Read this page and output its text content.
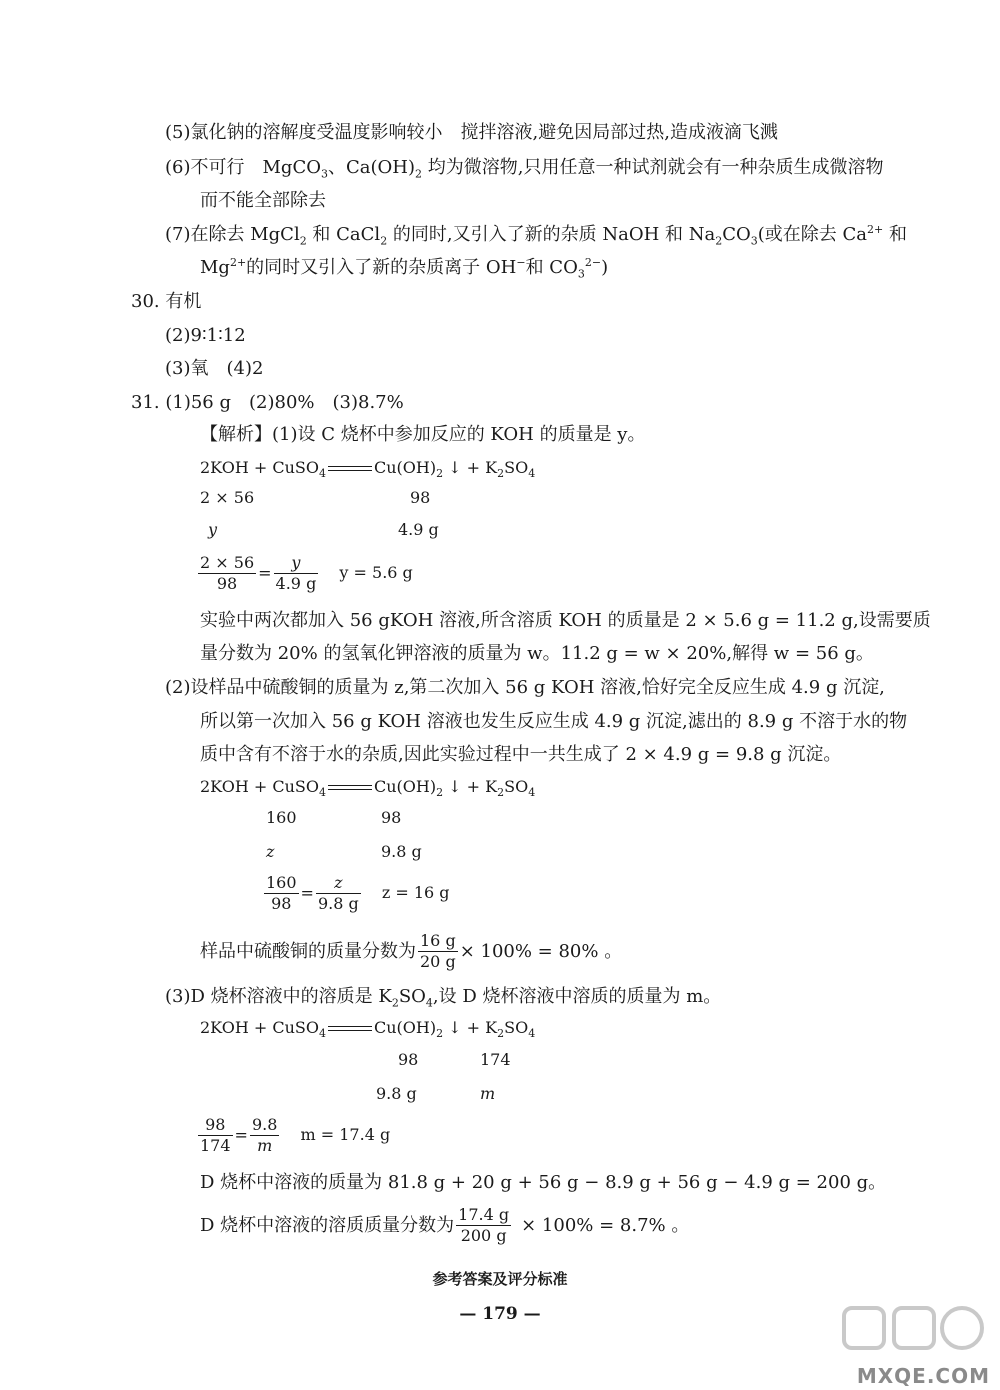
(5)氯化钠的溶解度受温度影响较小　搅拌溶液,避免因局部过热,造成液滴飞溅
(6)不可行　MgCO$_3$、$Ca(OH)_2$ 均为微溶物,只用任意一种试剂就会有一种杂质生成微溶物
而不能全部除去
(7)在除去 MgCl$_2$ 和 CaCl$_2$ 的同时,又引入了新的杂质 NaOH 和 $Na_2CO_3$(或在除去 $Ca^{2+}$ 和
$Mg^{2+}$的同时又引入了新的杂质离子 OH−和 $CO_3^{2-}$)
30. 有机
(2)9∶1∶12
(3)氧　(4)2
31. (1)56 g　(2)80%　(3)8.7%
【解析】(1)设 C 烧杯中参加反应的 KOH 的质量是 y。
2KOH + CuSO$_4$	$Cu(OH)_2$ ↓ + $K_2SO_4$
2 × 56	98
y	4.9 g
$\frac{2 \times 56}{98} = \frac{y}{4.9 g}$ y = 5.6 g
实验中两次都加入 56 gKOH 溶液,所含溶质 KOH 的质量是 2 × 5.6 g = 11.2 g,设需要质
量分数为 20% 的氢氧化钾溶液的质量为 w。11.2 g = w × 20%,解得 w = 56 g。
(2)设样品中硫酸铜的质量为 z,第二次加入 56 g KOH 溶液,恰好完全反应生成 4.9 g 沉淀,
所以第一次加入 56 g KOH 溶液也发生反应生成 4.9 g 沉淀,滤出的 8.9 g 不溶于水的物
质中含有不溶于水的杂质,因此实验过程中一共生成了 2 × 4.9 g = 9.8 g 沉淀。
2KOH + CuSO$_4$	$Cu(OH)_2$ ↓ + $K_2SO_4$
160	98
z	9.8 g
$\frac{160}{98} = \frac{z}{9.8 g}$ z = 16 g
样品中硫酸铜的质量分数为 $\frac{16 g}{20 g} \times 100\% = 80\%$ 。
(3)D 烧杯溶液中的溶质是 $K_2SO_4$,设 D 烧杯溶液中溶质的质量为 m。
2KOH + CuSO$_4$	$Cu(OH)_2$ ↓ + $K_2SO_4$
98	174
9.8 g	m
$\frac{98}{174} = \frac{9.8}{m}$ m = 17.4 g
D 烧杯中溶液的质量为 81.8 g + 20 g + 56 g − 8.9 g + 56 g − 4.9 g = 200 g。
D 烧杯中溶液的溶质质量分数为 $\frac{17.4 g}{200 g} \times 100\% = 8.7\%$ 。
参考答案及评分标准
— 179 —
MXQE.COM
